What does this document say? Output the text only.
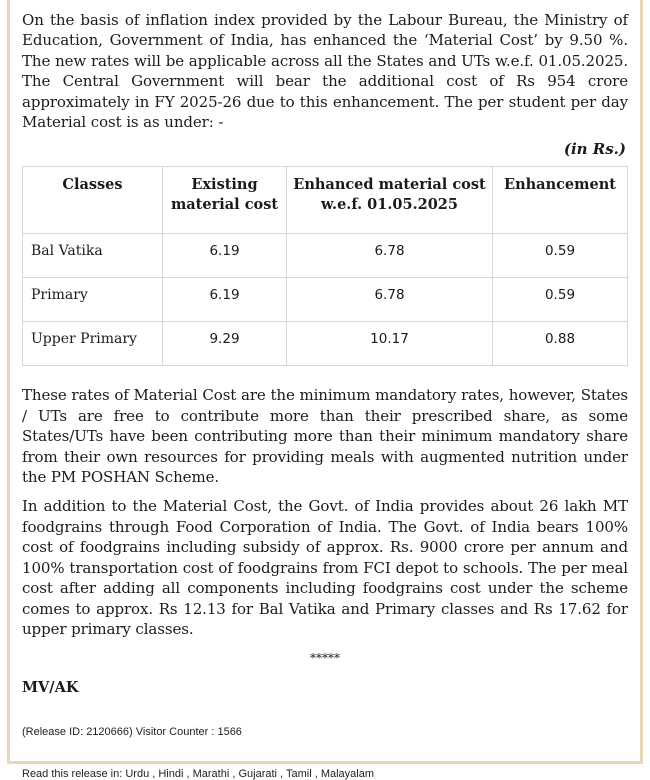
On the basis of inflation index provided by the Labour Bureau, the Ministry of Education, Government of India, has enhanced the ‘Material Cost’ by 9.50 %. The new rates will be applicable across all the States and UTs w.e.f. 01.05.2025. The Central Government will bear the additional cost of Rs 954 crore approximately in FY 2025-26 due to this enhancement. The per student per day Material cost is as under: -

(in Rs.)
Classes	Existing material cost	Enhanced material cost w.e.f. 01.05.2025	Enhancement
Bal Vatika	6.19	6.78	0.59
Primary	6.19	6.78	0.59
Upper Primary	9.29	10.17	0.88

These rates of Material Cost are the minimum mandatory rates, however, States / UTs are free to contribute more than their prescribed share, as some States/UTs have been contributing more than their minimum mandatory share from their own resources for providing meals with augmented nutrition under the PM POSHAN Scheme.

In addition to the Material Cost, the Govt. of India provides about 26 lakh MT foodgrains through Food Corporation of India. The Govt. of India bears 100% cost of foodgrains including subsidy of approx. Rs. 9000 crore per annum and 100% transportation cost of foodgrains from FCI depot to schools. The per meal cost after adding all components including foodgrains cost under the scheme comes to approx. Rs 12.13 for Bal Vatika and Primary classes and Rs 17.62 for upper primary classes.

*****
MV/AK
(Release ID: 2120666) Visitor Counter : 1566
Read this release in: Urdu , Hindi , Marathi , Gujarati , Tamil , Malayalam
